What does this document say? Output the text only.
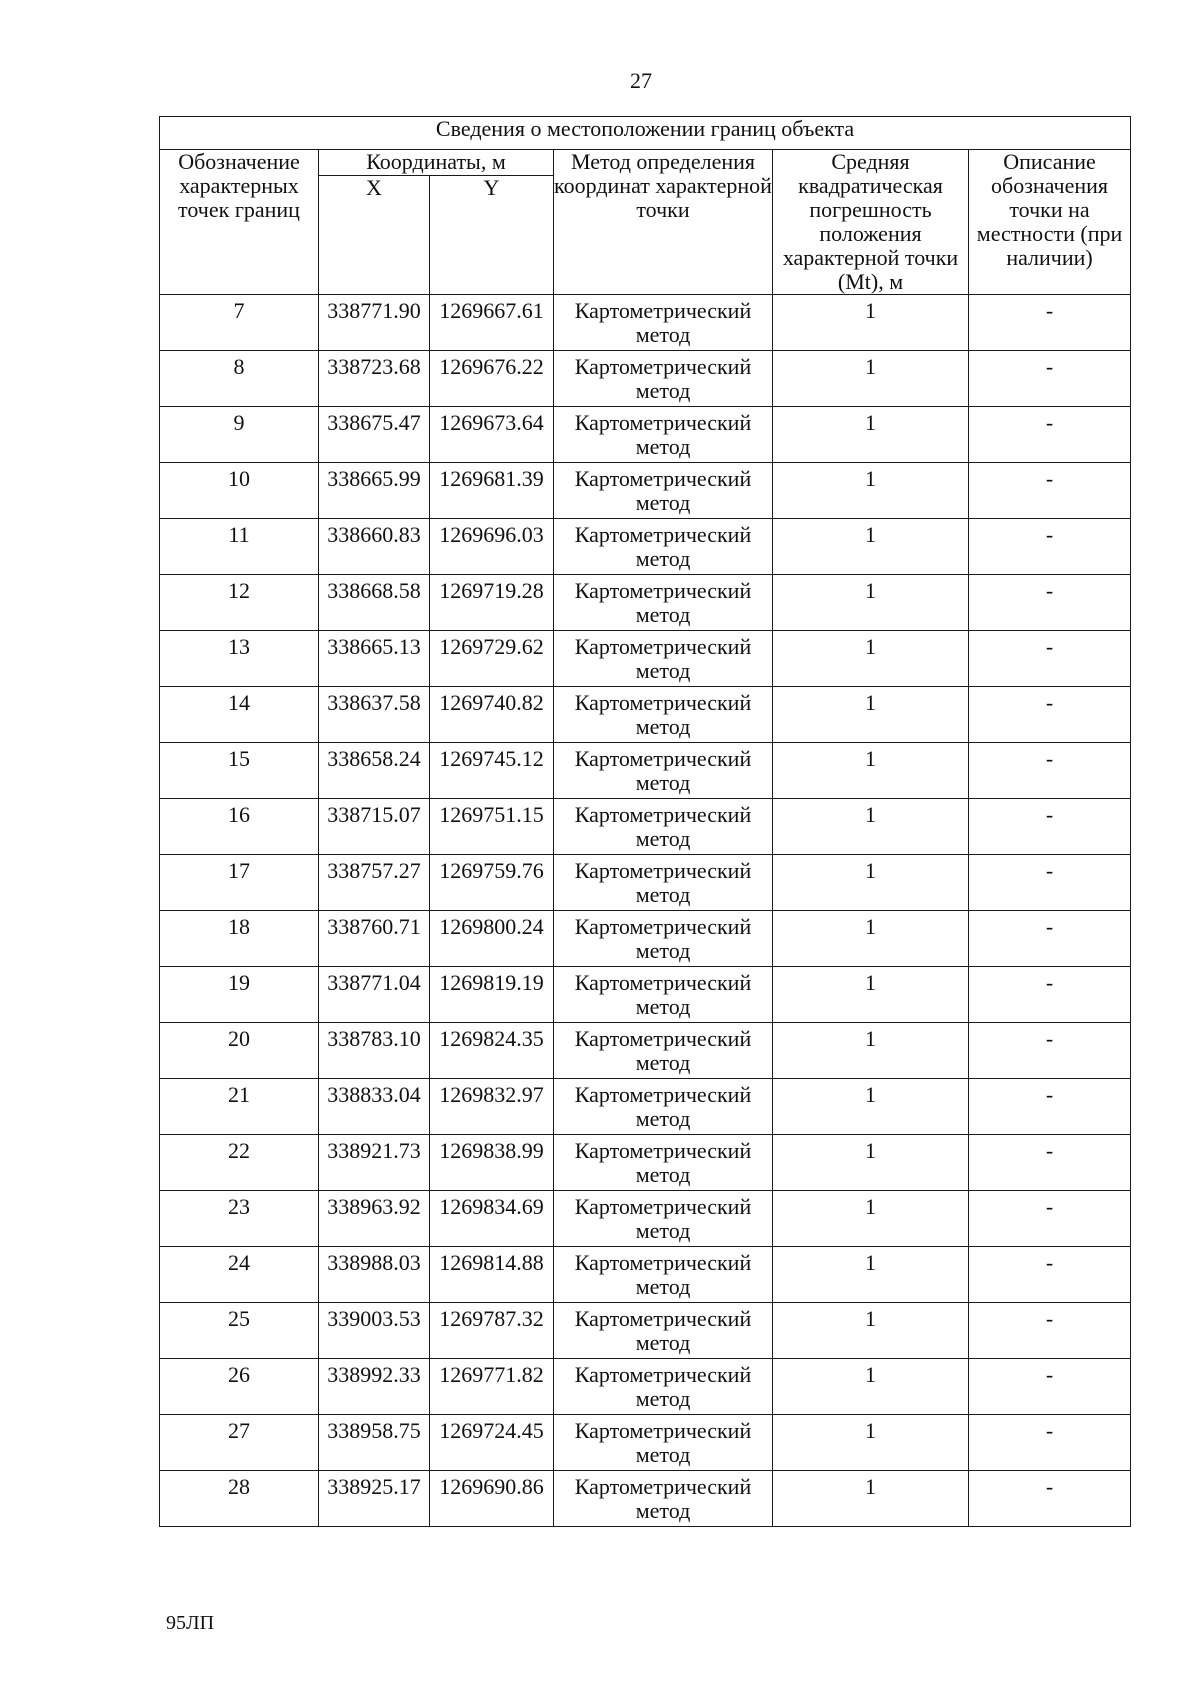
27
Сведения о местоположении границ объекта					
Обозначение характерных точек границ	Координаты, м		Метод определения координат характерной точки	Средняя квадратическая погрешность положения характерной точки (Mt), м	Описание обозначения точки на местности (при наличии)
	X	Y			
7	338771.90	1269667.61	Картометрический метод	1	-
8	338723.68	1269676.22	Картометрический метод	1	-
9	338675.47	1269673.64	Картометрический метод	1	-
10	338665.99	1269681.39	Картометрический метод	1	-
11	338660.83	1269696.03	Картометрический метод	1	-
12	338668.58	1269719.28	Картометрический метод	1	-
13	338665.13	1269729.62	Картометрический метод	1	-
14	338637.58	1269740.82	Картометрический метод	1	-
15	338658.24	1269745.12	Картометрический метод	1	-
16	338715.07	1269751.15	Картометрический метод	1	-
17	338757.27	1269759.76	Картометрический метод	1	-
18	338760.71	1269800.24	Картометрический метод	1	-
19	338771.04	1269819.19	Картометрический метод	1	-
20	338783.10	1269824.35	Картометрический метод	1	-
21	338833.04	1269832.97	Картометрический метод	1	-
22	338921.73	1269838.99	Картометрический метод	1	-
23	338963.92	1269834.69	Картометрический метод	1	-
24	338988.03	1269814.88	Картометрический метод	1	-
25	339003.53	1269787.32	Картометрический метод	1	-
26	338992.33	1269771.82	Картометрический метод	1	-
27	338958.75	1269724.45	Картометрический метод	1	-
28	338925.17	1269690.86	Картометрический метод	1	-
95ЛП
